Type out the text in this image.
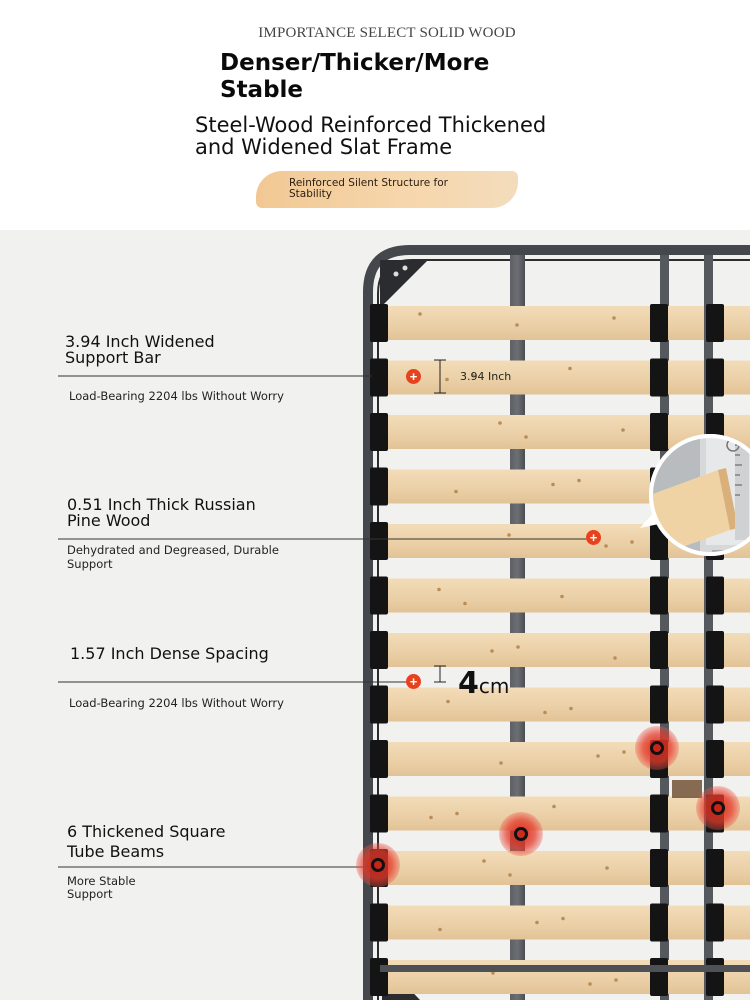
IMPORTANCE SELECT SOLID WOOD
Denser/Thicker/More
Stable
Steel-Wood Reinforced Thickened
and Widened Slat Frame
Reinforced Silent Structure for
Stability
3.94 Inch Widened
Support Bar
Load-Bearing 2204 lbs Without Worry
+	3.94 Inch
0.51 Inch Thick Russian
Pine Wood
Dehydrated and Degreased, Durable
Support
+
1.57 Inch Dense Spacing
Load-Bearing 2204 lbs Without Worry
+ 4cm
6 Thickened Square
Tube Beams
More Stable
Support
